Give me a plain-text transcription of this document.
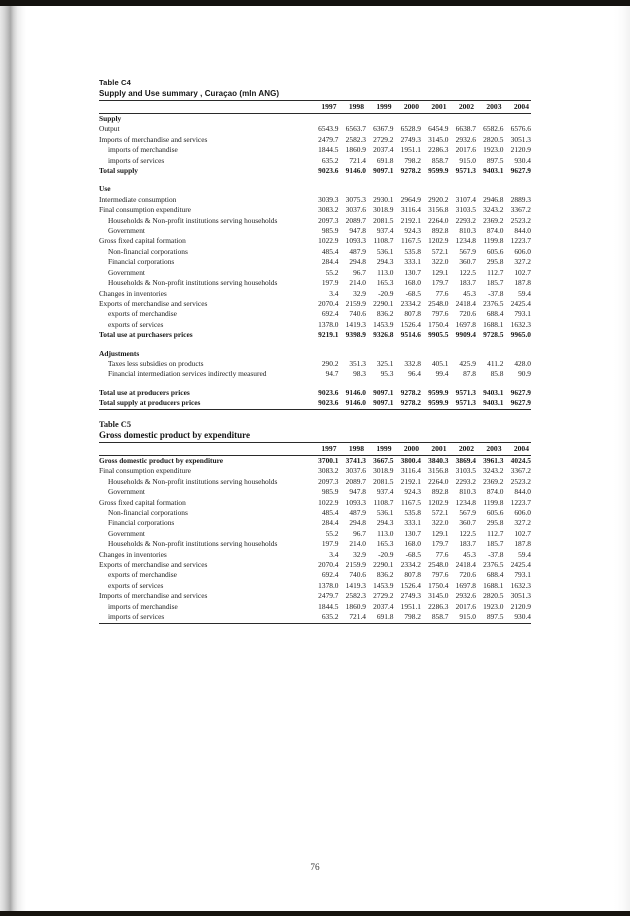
Table C4
Supply and Use summary , Curaçao (mln ANG)
	1997	1998	1999	2000	2001	2002	2003	2004
Supply								
Output	6543.9	6563.7	6367.9	6528.9	6454.9	6638.7	6582.6	6576.6
Imports of merchandise and services	2479.7	2582.3	2729.2	2749.3	3145.0	2932.6	2820.5	3051.3
imports of merchandise	1844.5	1860.9	2037.4	1951.1	2286.3	2017.6	1923.0	2120.9
imports of services	635.2	721.4	691.8	798.2	858.7	915.0	897.5	930.4
Total supply	9023.6	9146.0	9097.1	9278.2	9599.9	9571.3	9403.1	9627.9

Use								
Intermediate consumption	3039.3	3075.3	2930.1	2964.9	2920.2	3107.4	2946.8	2889.3
Final consumption expenditure	3083.2	3037.6	3018.9	3116.4	3156.8	3103.5	3243.2	3367.2
Households & Non-profit institutions serving households	2097.3	2089.7	2081.5	2192.1	2264.0	2293.2	2369.2	2523.2
Government	985.9	947.8	937.4	924.3	892.8	810.3	874.0	844.0
Gross fixed capital formation	1022.9	1093.3	1108.7	1167.5	1202.9	1234.8	1199.8	1223.7
Non-financial corporations	485.4	487.9	536.1	535.8	572.1	567.9	605.6	606.0
Financial corporations	284.4	294.8	294.3	333.1	322.0	360.7	295.8	327.2
Government	55.2	96.7	113.0	130.7	129.1	122.5	112.7	102.7
Households & Non-profit institutions serving households	197.9	214.0	165.3	168.0	179.7	183.7	185.7	187.8
Changes in inventories	3.4	32.9	-20.9	-68.5	77.6	45.3	-37.8	59.4
Exports of merchandise and services	2070.4	2159.9	2290.1	2334.2	2548.0	2418.4	2376.5	2425.4
exports of merchandise	692.4	740.6	836.2	807.8	797.6	720.6	688.4	793.1
exports of services	1378.0	1419.3	1453.9	1526.4	1750.4	1697.8	1688.1	1632.3
Total use at purchasers prices	9219.1	9398.9	9326.8	9514.6	9905.5	9909.4	9728.5	9965.0

Adjustments								
Taxes less subsidies on products	290.2	351.3	325.1	332.8	405.1	425.9	411.2	428.0
Financial intermediation services indirectly measured	94.7	98.3	95.3	96.4	99.4	87.8	85.8	90.9

Total use at producers prices	9023.6	9146.0	9097.1	9278.2	9599.9	9571.3	9403.1	9627.9
Total supply at producers prices	9023.6	9146.0	9097.1	9278.2	9599.9	9571.3	9403.1	9627.9
Table C5
Gross domestic product by expenditure
	1997	1998	1999	2000	2001	2002	2003	2004
Gross domestic product by expenditure	3700.1	3741.3	3667.5	3800.4	3840.3	3869.4	3961.3	4024.5
Final consumption expenditure	3083.2	3037.6	3018.9	3116.4	3156.8	3103.5	3243.2	3367.2
Households & Non-profit institutions serving households	2097.3	2089.7	2081.5	2192.1	2264.0	2293.2	2369.2	2523.2
Government	985.9	947.8	937.4	924.3	892.8	810.3	874.0	844.0
Gross fixed capital formation	1022.9	1093.3	1108.7	1167.5	1202.9	1234.8	1199.8	1223.7
Non-financial corporations	485.4	487.9	536.1	535.8	572.1	567.9	605.6	606.0
Financial corporations	284.4	294.8	294.3	333.1	322.0	360.7	295.8	327.2
Government	55.2	96.7	113.0	130.7	129.1	122.5	112.7	102.7
Households & Non-profit institutions serving households	197.9	214.0	165.3	168.0	179.7	183.7	185.7	187.8
Changes in inventories	3.4	32.9	-20.9	-68.5	77.6	45.3	-37.8	59.4
Exports of merchandise and services	2070.4	2159.9	2290.1	2334.2	2548.0	2418.4	2376.5	2425.4
exports of merchandise	692.4	740.6	836.2	807.8	797.6	720.6	688.4	793.1
exports of services	1378.0	1419.3	1453.9	1526.4	1750.4	1697.8	1688.1	1632.3
Imports of merchandise and services	2479.7	2582.3	2729.2	2749.3	3145.0	2932.6	2820.5	3051.3
imports of merchandise	1844.5	1860.9	2037.4	1951.1	2286.3	2017.6	1923.0	2120.9
imports of services	635.2	721.4	691.8	798.2	858.7	915.0	897.5	930.4
76
